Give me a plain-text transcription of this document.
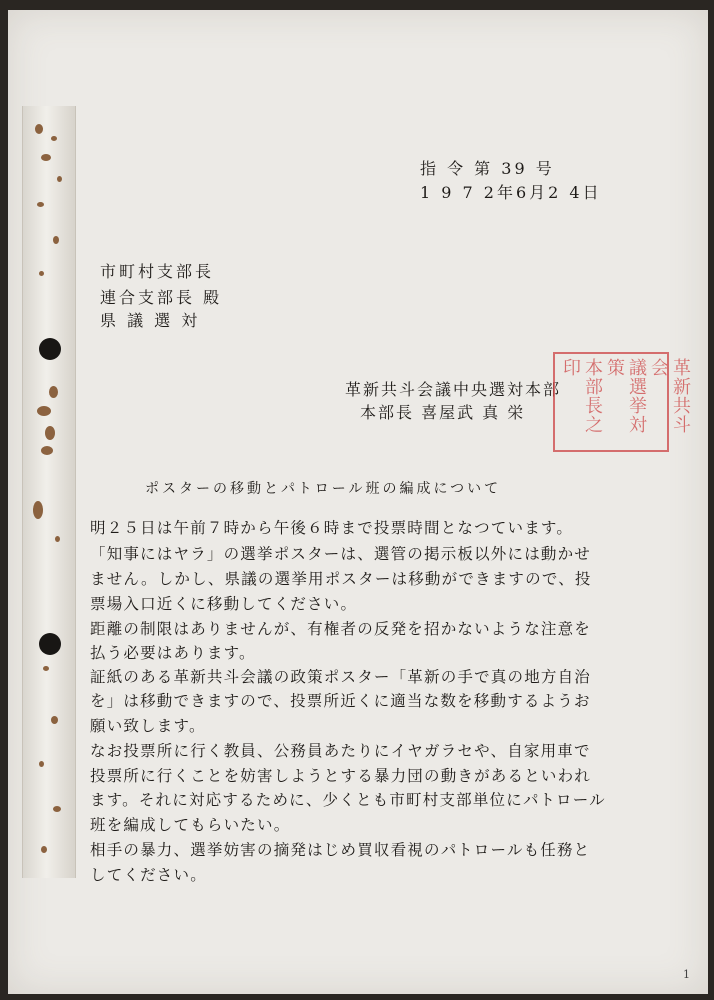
指 令 第 39 号
1 9 7 2年6月2 4日
市町村支部長
連合支部長 殿
県 議 選 対
革新共斗会議中央選対本部
本部長 喜屋武 真 栄	革新共斗会
議選挙対策
本部長之印
ポスターの移動とパトロール班の編成について
明２５日は午前７時から午後６時まで投票時間となつています。
「知事にはヤラ」の選挙ポスターは、選管の掲示板以外には動かせ
ません。しかし、県議の選挙用ポスターは移動ができますので、投
票場入口近くに移動してください。
距離の制限はありませんが、有権者の反発を招かないような注意を
払う必要はあります。
証紙のある革新共斗会議の政策ポスター「革新の手で真の地方自治
を」は移動できますので、投票所近くに適当な数を移動するようお
願い致します。
なお投票所に行く教員、公務員あたりにイヤガラセや、自家用車で
投票所に行くことを妨害しようとする暴力団の動きがあるといわれ
ます。それに対応するために、少くとも市町村支部単位にパトロール
班を編成してもらいたい。
相手の暴力、選挙妨害の摘発はじめ買収看視のパトロールも任務と
してください。
1
